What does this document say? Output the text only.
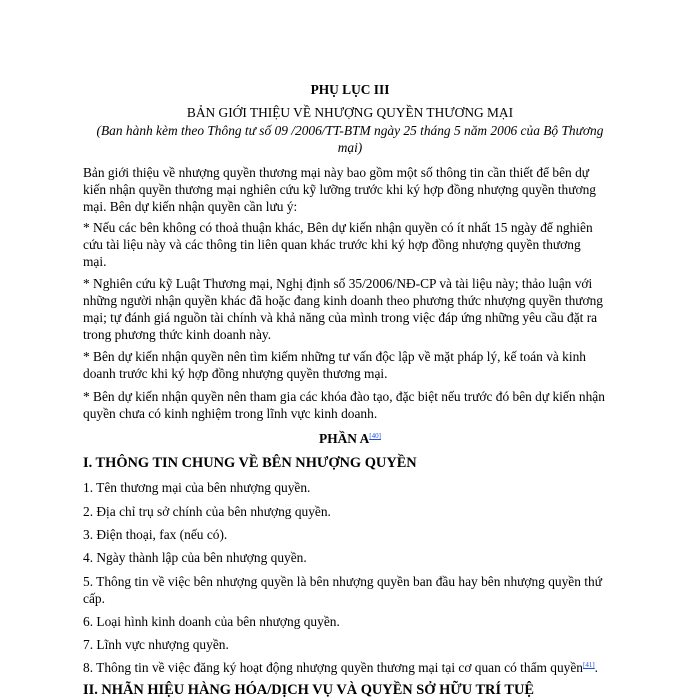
PHỤ LỤC III
BẢN GIỚI THIỆU VỀ NHƯỢNG QUYỀN THƯƠNG MẠI
(Ban hành kèm theo Thông tư số 09 /2006/TT-BTM ngày 25 tháng 5 năm 2006 của Bộ Thương
mại)
Bản giới thiệu về nhượng quyền thương mại này bao gồm một số thông tin cần thiết để bên dự
kiến nhận quyền thương mại nghiên cứu kỹ lưỡng trước khi ký hợp đồng nhượng quyền thương
mại. Bên dự kiến nhận quyền cần lưu ý:
* Nếu các bên không có thoả thuận khác, Bên dự kiến nhận quyền có ít nhất 15 ngày để nghiên
cứu tài liệu này và các thông tin liên quan khác trước khi ký hợp đồng nhượng quyền thương
mại.
* Nghiên cứu kỹ Luật Thương mại, Nghị định số 35/2006/NĐ-CP và tài liệu này; thảo luận với
những người nhận quyền khác đã hoặc đang kinh doanh theo phương thức nhượng quyền thương
mại; tự đánh giá nguồn tài chính và khả năng của mình trong việc đáp ứng những yêu cầu đặt ra
trong phương thức kinh doanh này.
* Bên dự kiến nhận quyền nên tìm kiếm những tư vấn độc lập về mặt pháp lý, kế toán và kinh
doanh trước khi ký hợp đồng nhượng quyền thương mại.
* Bên dự kiến nhận quyền nên tham gia các khóa đào tạo, đặc biệt nếu trước đó bên dự kiến nhận
quyền chưa có kinh nghiệm trong lĩnh vực kinh doanh.
PHẦN A[40]
I. THÔNG TIN CHUNG VỀ BÊN NHƯỢNG QUYỀN
1. Tên thương mại của bên nhượng quyền.
2. Địa chỉ trụ sở chính của bên nhượng quyền.
3. Điện thoại, fax (nếu có).
4. Ngày thành lập của bên nhượng quyền.
5. Thông tin về việc bên nhượng quyền là bên nhượng quyền ban đầu hay bên nhượng quyền thứ
cấp.
6. Loại hình kinh doanh của bên nhượng quyền.
7. Lĩnh vực nhượng quyền.
8. Thông tin về việc đăng ký hoạt động nhượng quyền thương mại tại cơ quan có thẩm quyền[41].
II. NHÃN HIỆU HÀNG HÓA/DỊCH VỤ VÀ QUYỀN SỞ HỮU TRÍ TUỆ
